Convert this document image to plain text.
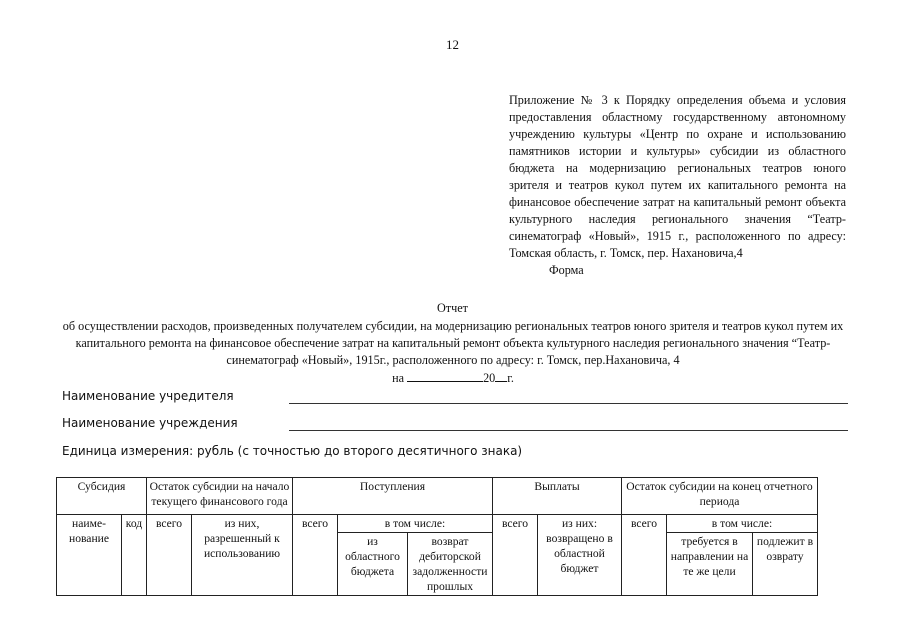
12
Приложение № 3 к Порядку определения объема и условия предоставления областному государственному автономному учреждению культуры «Центр по охране и использованию памятников истории и культуры» субсидии из областного бюджета на модернизацию региональных театров юного зрителя и театров кукол путем их капитального ремонта на финансовое обеспечение затрат на капитальный ремонт объекта культурного наследия регионального значения “Театр-синематограф «Новый», 1915 г., расположенного по адресу: Томская область, г. Томск, пер. Нахановича,4
Форма
Отчет
об осуществлении расходов, произведенных получателем субсидии, на модернизацию региональных театров юного зрителя и театров кукол путем их капитального ремонта на финансовое обеспечение затрат на капитальный ремонт объекта культурного наследия регионального значения “Театр-синематограф «Новый», 1915г., расположенного по адресу: г. Томск, пер.Нахановича, 4
на	20 г.
Наименование учредителя
Наименование учреждения
Единица измерения: рубль (с точностью до второго десятичного знака)
Субсидия		Остаток субсидии на начало текущего финансового года		Поступления			Выплаты		Остаток субсидии на конец отчетного периода		
наиме-нование	код	всего	из них, разрешенный к использованию	всего	в том числе:		всего	из них: возвращено в областной бюджет	всего	в том числе:	
					из областного бюджета	возврат дебиторской задолженности прошлых				требуется в направлении на те же цели	подлежит возврату
